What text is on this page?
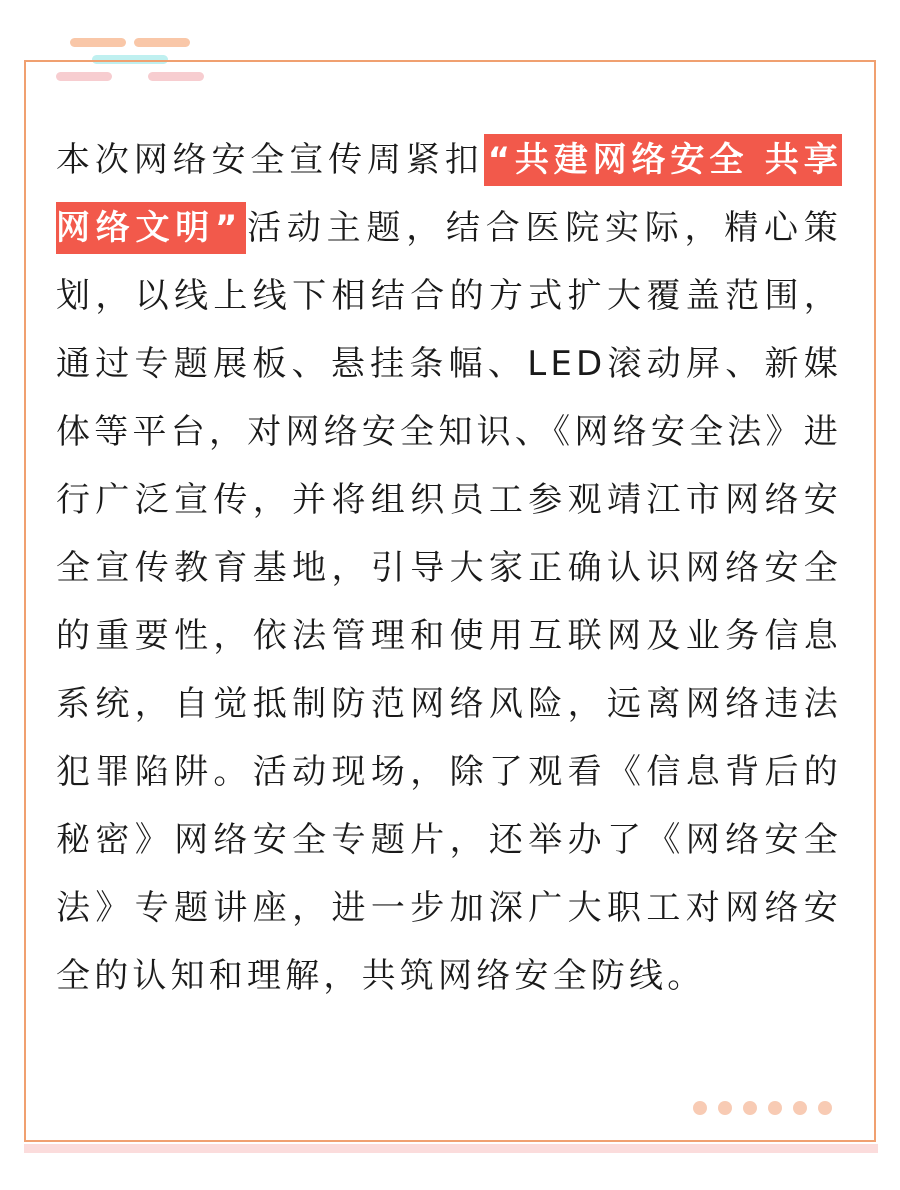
本次网络安全宣传周紧扣 “共建网络安全 共享网络文明” 活动主题，结合医院实际，精心策划，以线上线下相结合的方式扩大覆盖范围，通过专题展板、悬挂条幅、LED滚动屏、新媒体等平台，对网络安全知识、《网络安全法》进行广泛宣传，并将组织员工参观靖江市网络安全宣传教育基地，引导大家正确认识网络安全的重要性，依法管理和使用互联网及业务信息系统，自觉抵制防范网络风险，远离网络违法犯罪陷阱。活动现场，除了观看《信息背后的秘密》网络安全专题片，还举办了《网络安全法》专题讲座，进一步加深广大职工对网络安全的认知和理解，共筑网络安全防线。
